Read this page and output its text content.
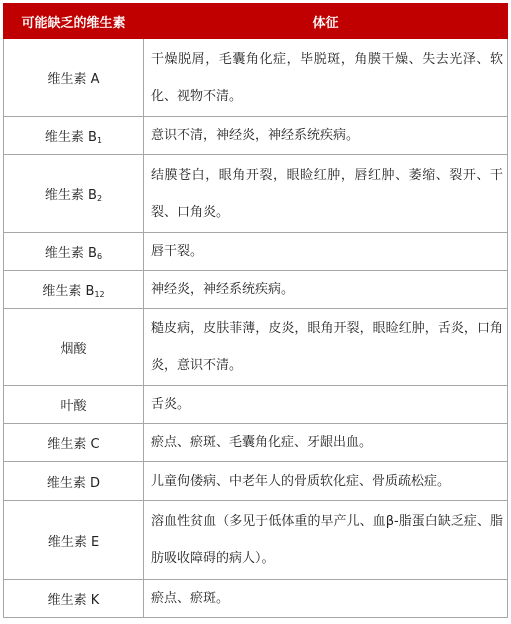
可能缺乏的维生素	体征
维生素 A	干燥脱屑，毛囊角化症，毕脱斑，角膜干燥、失去光泽、软化、视物不清。
维生素 $B_1$	意识不清，神经炎，神经系统疾病。
维生素 $B_2$	结膜苍白，眼角开裂，眼睑红肿，唇红肿、萎缩、裂开、干裂、口角炎。
维生素 $B_6$	唇干裂。
维生素 $B_{12}$	神经炎，神经系统疾病。
烟酸	糙皮病，皮肤菲薄，皮炎，眼角开裂，眼睑红肿，舌炎，口角炎，意识不清。
叶酸	舌炎。
维生素 C	瘀点、瘀斑、毛囊角化症、牙龈出血。
维生素 D	儿童佝偻病、中老年人的骨质软化症、骨质疏松症。
维生素 E	溶血性贫血（多见于低体重的早产儿、血β-脂蛋白缺乏症、脂肪吸收障碍的病人）。
维生素 K	瘀点、瘀斑。
